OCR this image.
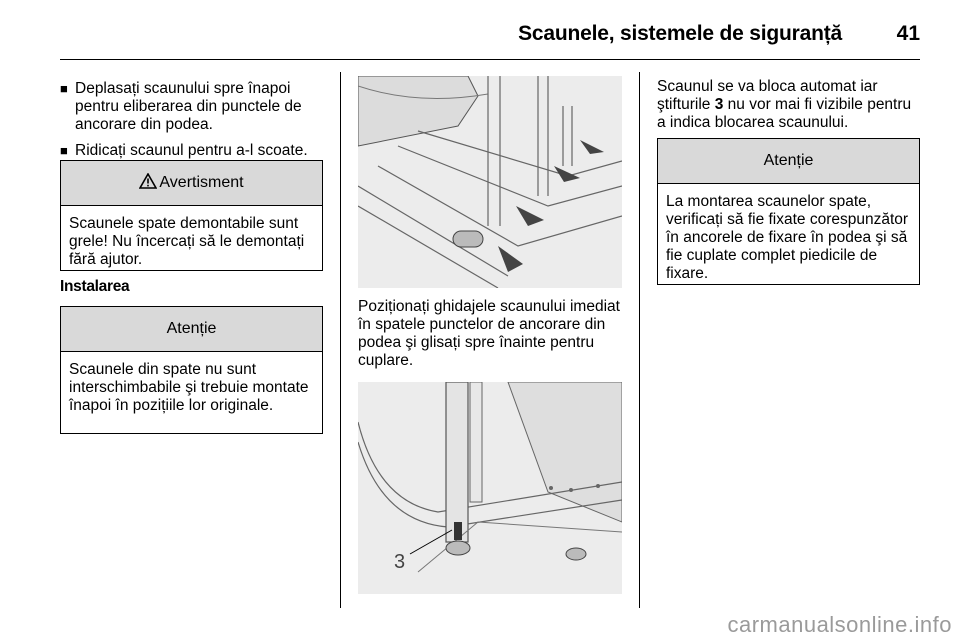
Scaunele, sistemele de siguranță	41
■ Deplasați scaunului spre înapoi pentru eliberarea din punctele de ancorare din podea.
■ Ridicați scaunul pentru a-l scoate.
Avertisment
Scaunele spate demontabile sunt grele! Nu încercați să le demontați fără ajutor.
Instalarea
Atenție
Scaunele din spate nu sunt interschimbabile şi trebuie montate înapoi în pozițiile lor originale.
Poziționați ghidajele scaunului imediat în spatele punctelor de ancorare din podea şi glisați spre înainte pentru cuplare.
3
Scaunul se va bloca automat iar ştifturile 3 nu vor mai fi vizibile pentru a indica blocarea scaunului.
Atenție
La montarea scaunelor spate, verificați să fie fixate corespunzător în ancorele de fixare în podea şi să fie cuplate complet piedicile de fixare.
carmanualsonline.info
